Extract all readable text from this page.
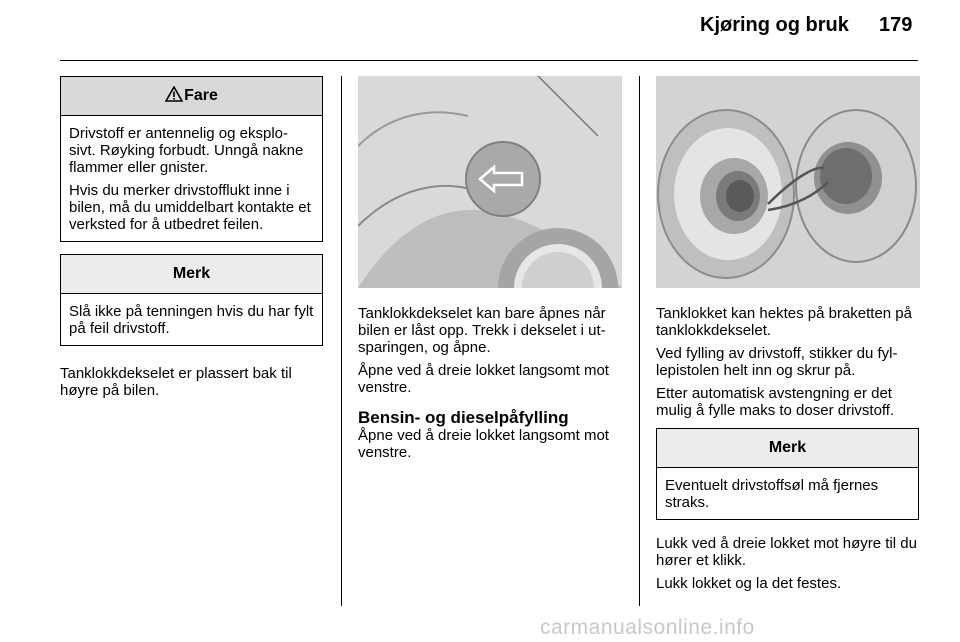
Kjøring og bruk 179
Fare

Drivstoff er antennelig og eksplo-sivt. Røyking forbudt. Unngå nakne flammer eller gnister.

Hvis du merker drivstofflukt inne i bilen, må du umiddelbart kontakte et verksted for å utbedret feilen.

Merk

Slå ikke på tenningen hvis du har fylt på feil drivstoff.

Tanklokkdekselet er plassert bak til høyre på bilen.

Tanklokkdekselet kan bare åpnes når bilen er låst opp. Trekk i dekselet i ut-sparingen, og åpne.

Åpne ved å dreie lokket langsomt mot venstre.

Bensin- og dieselpåfylling

Åpne ved å dreie lokket langsomt mot venstre.

Tanklokket kan hektes på braketten på tanklokkdekselet.

Ved fylling av drivstoff, stikker du fyl-lepistolen helt inn og skrur på.

Etter automatisk avstengning er det mulig å fylle maks to doser drivstoff.

Merk

Eventuelt drivstoffsøl må fjernes straks.

Lukk ved å dreie lokket mot høyre til du hører et klikk.

Lukk lokket og la det festes.

carmanualsonline.info
